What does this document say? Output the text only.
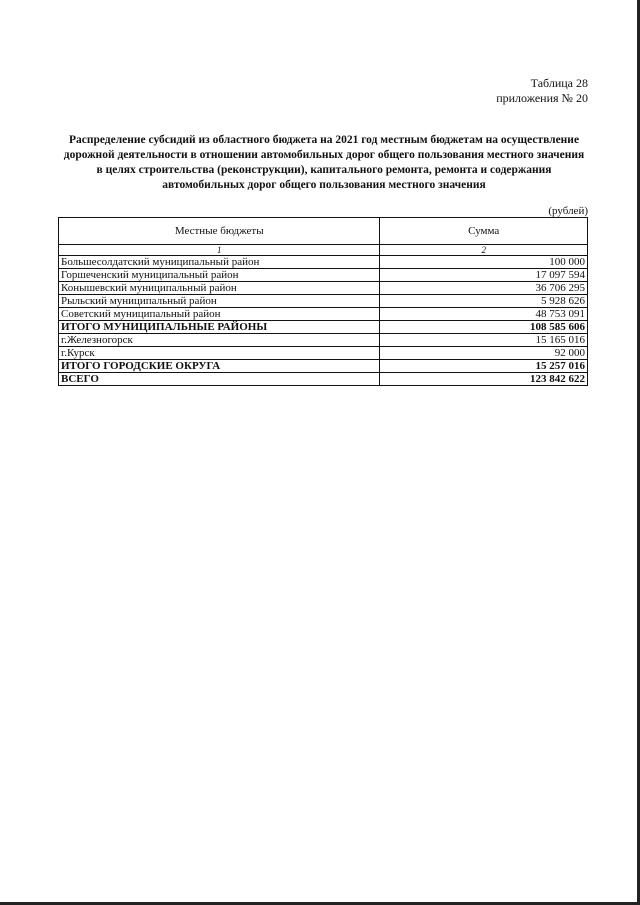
Таблица 28
приложения № 20
Распределение субсидий из областного бюджета на 2021 год местным бюджетам на осуществление дорожной деятельности в отношении автомобильных дорог общего пользования местного значения в целях строительства (реконструкции), капитального ремонта, ремонта и содержания автомобильных дорог общего пользования местного значения
(рублей)
Местные бюджеты	Сумма
1	2
Большесолдатский муниципальный район	100 000
Горшеченский муниципальный район	17 097 594
Конышевский муниципальный район	36 706 295
Рыльский муниципальный район	5 928 626
Советский муниципальный район	48 753 091
ИТОГО МУНИЦИПАЛЬНЫЕ РАЙОНЫ	108 585 606
г.Железногорск	15 165 016
г.Курск	92 000
ИТОГО ГОРОДСКИЕ ОКРУГА	15 257 016
ВСЕГО	123 842 622
